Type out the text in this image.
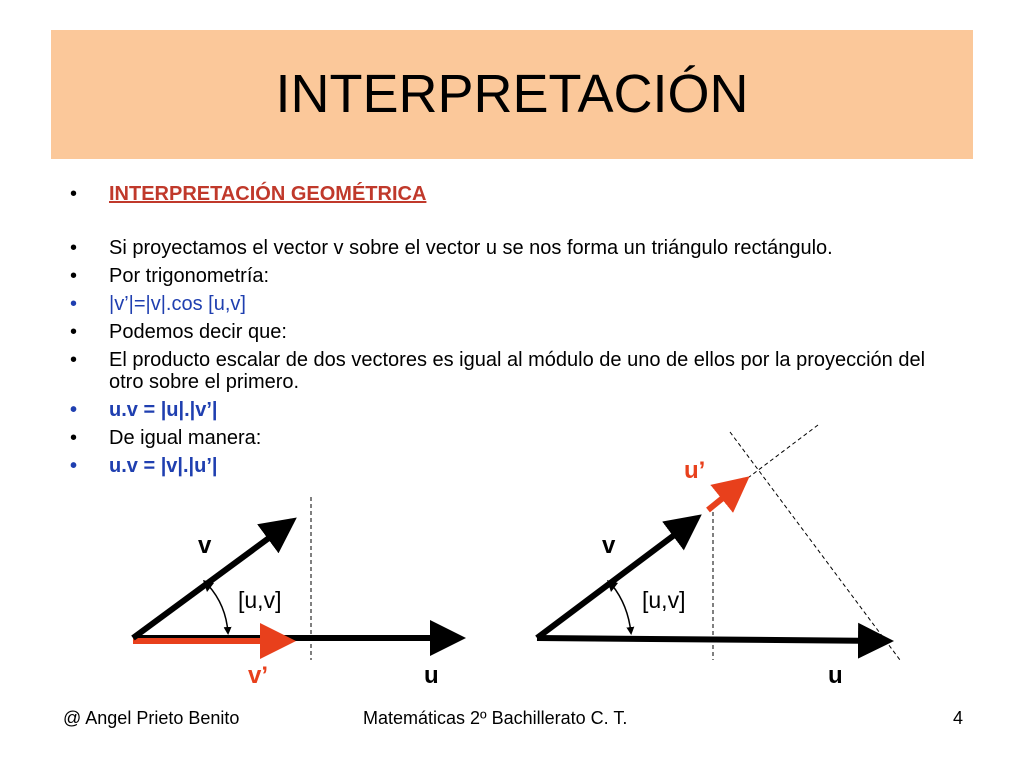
INTERPRETACIÓN
• INTERPRETACIÓN GEOMÉTRICA
• Si proyectamos el vector v sobre el vector u se nos forma un triángulo rectángulo.
• Por trigonometría:
• |v’|=|v|.cos [u,v]
• Podemos decir que:
• El producto escalar de dos vectores es igual al módulo de uno de ellos por la proyección del otro sobre el primero.
• u.v = |u|.|v’|
• De igual manera:
• u.v = |v|.|u’|
v
[u,v]
v’	u
v
[u,v]
u’
u
@ Angel Prieto Benito	Matemáticas 2º Bachillerato C. T.	4
